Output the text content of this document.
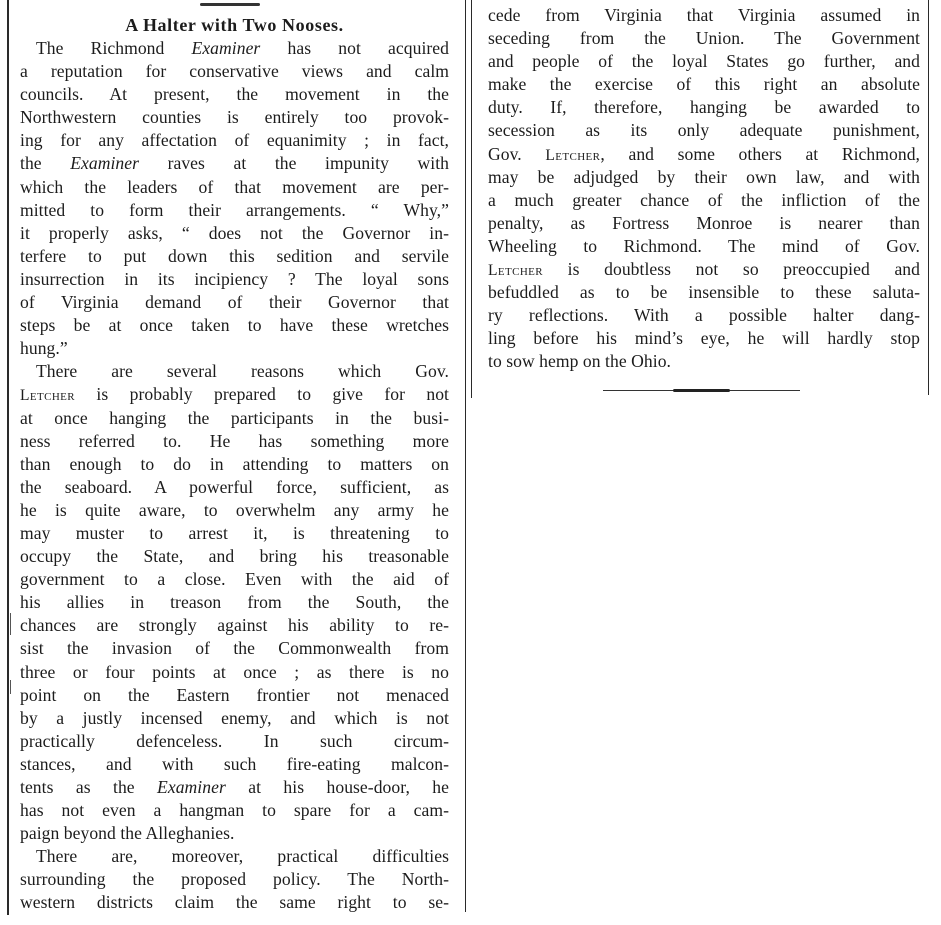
A Halter with Two Nooses.
The Richmond Examiner has not acquired
a reputation for conservative views and calm
councils. At present, the movement in the
Northwestern counties is entirely too provok-
ing for any affectation of equanimity ; in fact,
the Examiner raves at the impunity with
which the leaders of that movement are per-
mitted to form their arrangements. “ Why,”
it properly asks, “ does not the Governor in-
terfere to put down this sedition and servile
insurrection in its incipiency ? The loyal sons
of Virginia demand of their Governor that
steps be at once taken to have these wretches
hung.”
There are several reasons which Gov.
Letcher is probably prepared to give for not
at once hanging the participants in the busi-
ness referred to. He has something more
than enough to do in attending to matters on
the seaboard. A powerful force, sufficient, as
he is quite aware, to overwhelm any army he
may muster to arrest it, is threatening to
occupy the State, and bring his treasonable
government to a close. Even with the aid of
his allies in treason from the South, the
chances are strongly against his ability to re-
sist the invasion of the Commonwealth from
three or four points at once ; as there is no
point on the Eastern frontier not menaced
by a justly incensed enemy, and which is not
practically defenceless. In such circum-
stances, and with such fire-eating malcon-
tents as the Examiner at his house-door, he
has not even a hangman to spare for a cam-
paign beyond the Alleghanies.
There are, moreover, practical difficulties
surrounding the proposed policy. The North-
western districts claim the same right to se-
cede from Virginia that Virginia assumed in
seceding from the Union. The Government
and people of the loyal States go further, and
make the exercise of this right an absolute
duty. If, therefore, hanging be awarded to
secession as its only adequate punishment,
Gov. Letcher, and some others at Richmond,
may be adjudged by their own law, and with
a much greater chance of the infliction of the
penalty, as Fortress Monroe is nearer than
Wheeling to Richmond. The mind of Gov.
Letcher is doubtless not so preoccupied and
befuddled as to be insensible to these saluta-
ry reflections. With a possible halter dang-
ling before his mind’s eye, he will hardly stop
to sow hemp on the Ohio.
